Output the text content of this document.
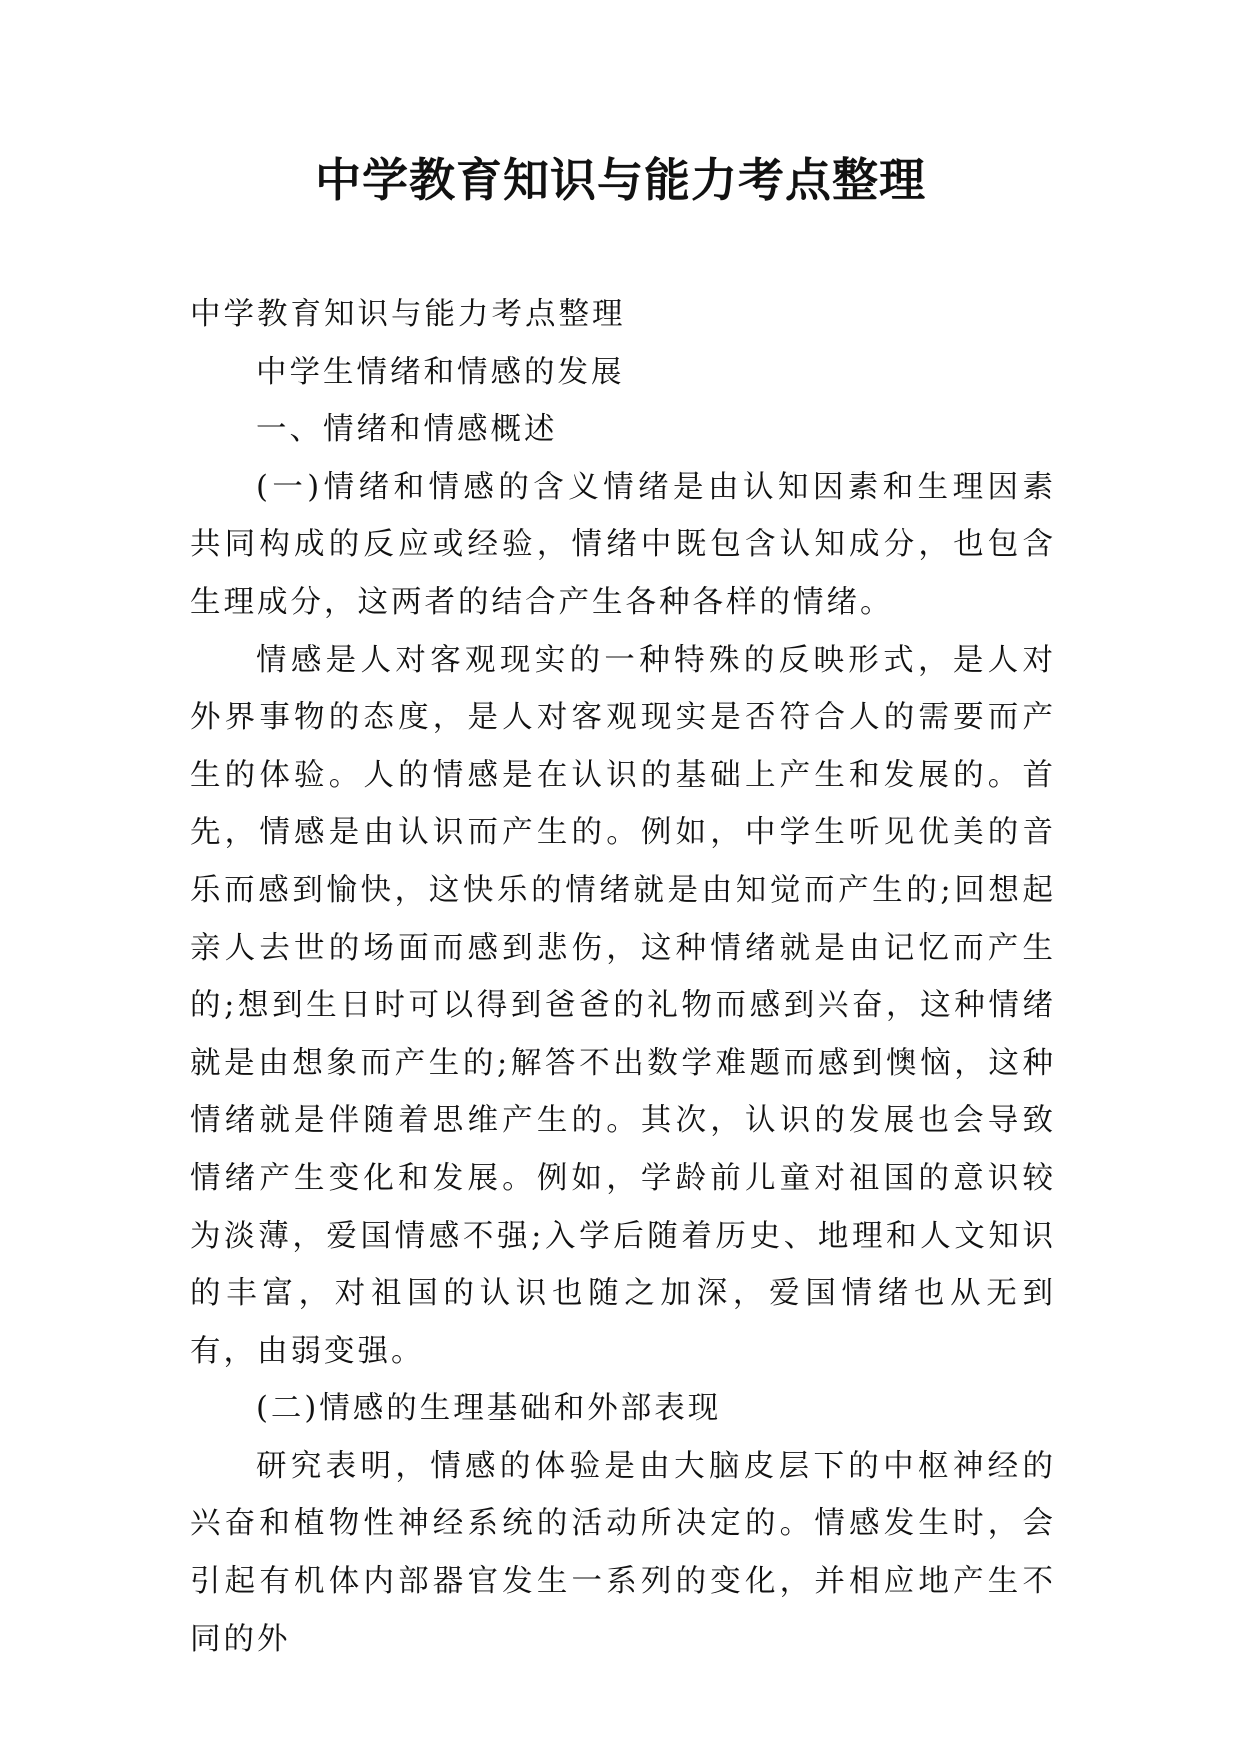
中学教育知识与能力考点整理

中学教育知识与能力考点整理

中学生情绪和情感的发展

一、情绪和情感概述

(一)情绪和情感的含义情绪是由认知因素和生理因素共同构成的反应或经验，情绪中既包含认知成分，也包含生理成分，这两者的结合产生各种各样的情绪。

情感是人对客观现实的一种特殊的反映形式，是人对外界事物的态度，是人对客观现实是否符合人的需要而产生的体验。人的情感是在认识的基础上产生和发展的。首先，情感是由认识而产生的。例如，中学生听见优美的音乐而感到愉快，这快乐的情绪就是由知觉而产生的;回想起亲人去世的场面而感到悲伤，这种情绪就是由记忆而产生的;想到生日时可以得到爸爸的礼物而感到兴奋，这种情绪就是由想象而产生的;解答不出数学难题而感到懊恼，这种情绪就是伴随着思维产生的。其次，认识的发展也会导致情绪产生变化和发展。例如，学龄前儿童对祖国的意识较为淡薄，爱国情感不强;入学后随着历史、地理和人文知识的丰富，对祖国的认识也随之加深，爱国情绪也从无到有，由弱变强。

(二)情感的生理基础和外部表现

研究表明，情感的体验是由大脑皮层下的中枢神经的兴奋和植物性神经系统的活动所决定的。情感发生时，会引起有机体内部器官发生一系列的变化，并相应地产生不同的外
